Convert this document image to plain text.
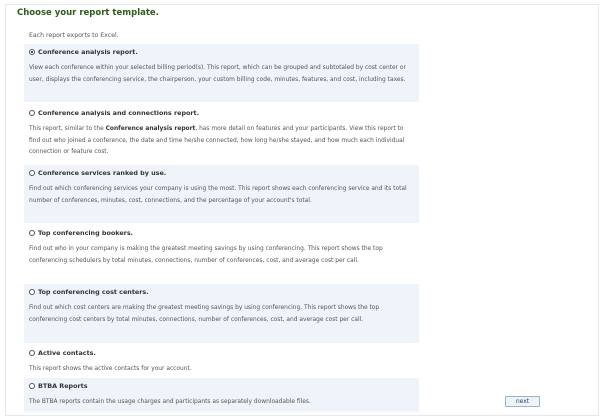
Choose your report template.
Each report exports to Excel.
Conference analysis report.
View each conference within your selected billing period(s). This report, which can be grouped and subtotaled by cost center or user, displays the conferencing service, the chairperson, your custom billing code, minutes, features, and cost, including taxes.
Conference analysis and connections report.
This report, similar to the Conference analysis report, has more detail on features and your participants. View this report to find out who joined a conference, the date and time he/she connected, how long he/she stayed, and how much each individual connection or feature cost.
Conference services ranked by use.
Find out which conferencing services your company is using the most. This report shows each conferencing service and its total number of conferences, minutes, cost, connections, and the percentage of your account's total.
Top conferencing bookers.
Find out who in your company is making the greatest meeting savings by using conferencing. This report shows the top conferencing schedulers by total minutes, connections, number of conferences, cost, and average cost per call.
Top conferencing cost centers.
Find out which cost centers are making the greatest meeting savings by using conferencing. This report shows the top conferencing cost centers by total minutes, connections, number of conferences, cost, and average cost per call.
Active contacts.
This report shows the active contacts for your account.
BTBA Reports
The BTBA reports contain the usage charges and participants as separately downloadable files.	next
